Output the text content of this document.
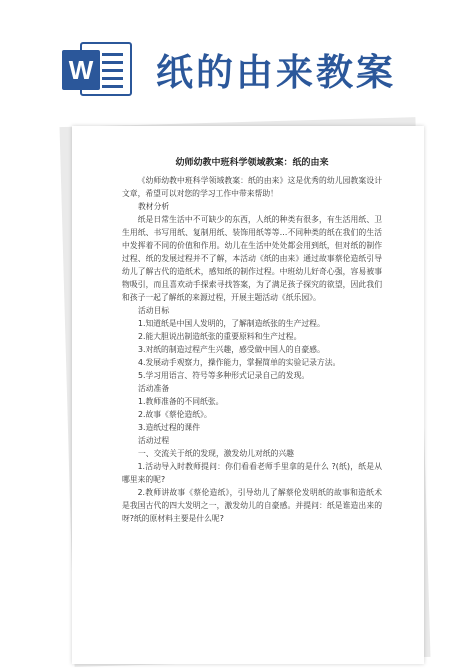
W 纸的由来教案
幼师幼教中班科学领域教案：纸的由来
《幼师幼教中班科学领域教案：纸的由来》这是优秀的幼儿园教案设计文章，希望可以对您的学习工作中带来帮助！
教材分析
纸是日常生活中不可缺少的东西，人纸的种类有很多，有生活用纸、卫生用纸、书写用纸、复制用纸、装饰用纸等等…不同种类的纸在我们的生活中发挥着不同的价值和作用。幼儿在生活中处处都会用到纸，但对纸的制作过程、纸的发展过程并不了解，本活动《纸的由来》通过故事蔡伦造纸引导幼儿了解古代的造纸术，感知纸的制作过程。中班幼儿好奇心强，容易被事物吸引，而且喜欢动手探索寻找答案，为了满足孩子探究的欲望，因此我们和孩子一起了解纸的来源过程，开展主题活动《纸乐园》。
活动目标
1.知道纸是中国人发明的，了解制造纸张的生产过程。
2.能大胆说出制造纸张的重要原料和生产过程。
3.对纸的制造过程产生兴趣，感受做中国人的自豪感。
4.发展动手观察力，操作能力，掌握简单的实验记录方法。
5.学习用语言、符号等多种形式记录自己的发现。
活动准备
1.教师准备的不同纸张。
2.故事《蔡伦造纸》。
3.造纸过程的课件
活动过程
一、交流关于纸的发现，激发幼儿对纸的兴趣
1.活动导入时教师提问：你们看看老师手里拿的是什么 ?(纸)，纸是从哪里来的呢?
2.教师讲故事《蔡伦造纸》，引导幼儿了解蔡伦发明纸的故事和造纸术是我国古代的四大发明之一，激发幼儿的自豪感。并提问：纸是谁造出来的呀?纸的原材料主要是什么呢?
